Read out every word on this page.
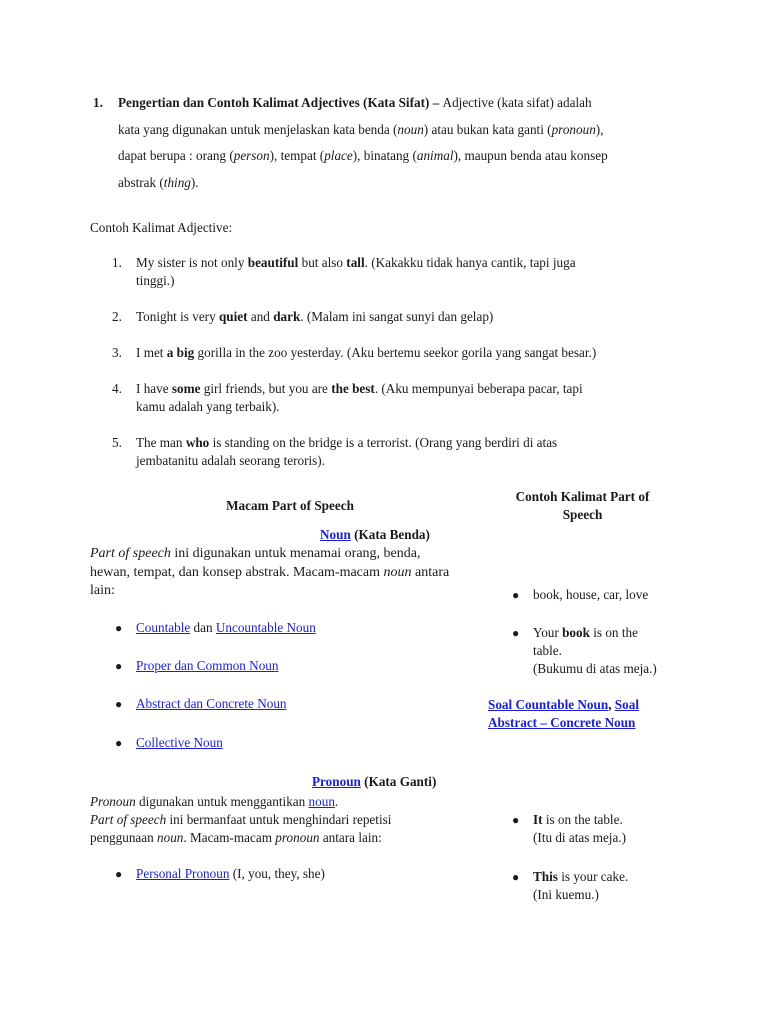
1. Pengertian dan Contoh Kalimat Adjectives (Kata Sifat) – Adjective (kata sifat) adalah
kata yang digunakan untuk menjelaskan kata benda (noun) atau bukan kata ganti (pronoun),
dapat berupa : orang (person), tempat (place), binatang (animal), maupun benda atau konsep
abstrak (thing).
Contoh Kalimat Adjective:
1. My sister is not only beautiful but also tall. (Kakakku tidak hanya cantik, tapi juga
tinggi.)
2. Tonight is very quiet and dark. (Malam ini sangat sunyi dan gelap)
3. I met a big gorilla in the zoo yesterday. (Aku bertemu seekor gorila yang sangat besar.)
4. I have some girl friends, but you are the best. (Aku mempunyai beberapa pacar, tapi
kamu adalah yang terbaik).
5. The man who is standing on the bridge is a terrorist. (Orang yang berdiri di atas
jembatanitu adalah seorang teroris).
Macam Part of Speech
Contoh Kalimat Part of
Speech
Noun (Kata Benda)
Part of speech ini digunakan untuk menamai orang, benda,
hewan, tempat, dan konsep abstrak. Macam-macam noun antara
lain:
● Countable dan Uncountable Noun
● Proper dan Common Noun
● Abstract dan Concrete Noun
● Collective Noun
● book, house, car, love
● Your book is on the
table.
(Bukumu di atas meja.)
Soal Countable Noun, Soal
Abstract – Concrete Noun
Pronoun (Kata Ganti)
Pronoun digunakan untuk menggantikan noun.
Part of speech ini bermanfaat untuk menghindari repetisi
penggunaan noun. Macam-macam pronoun antara lain:
● Personal Pronoun (I, you, they, she)
● It is on the table.
(Itu di atas meja.)
● This is your cake.
(Ini kuemu.)
